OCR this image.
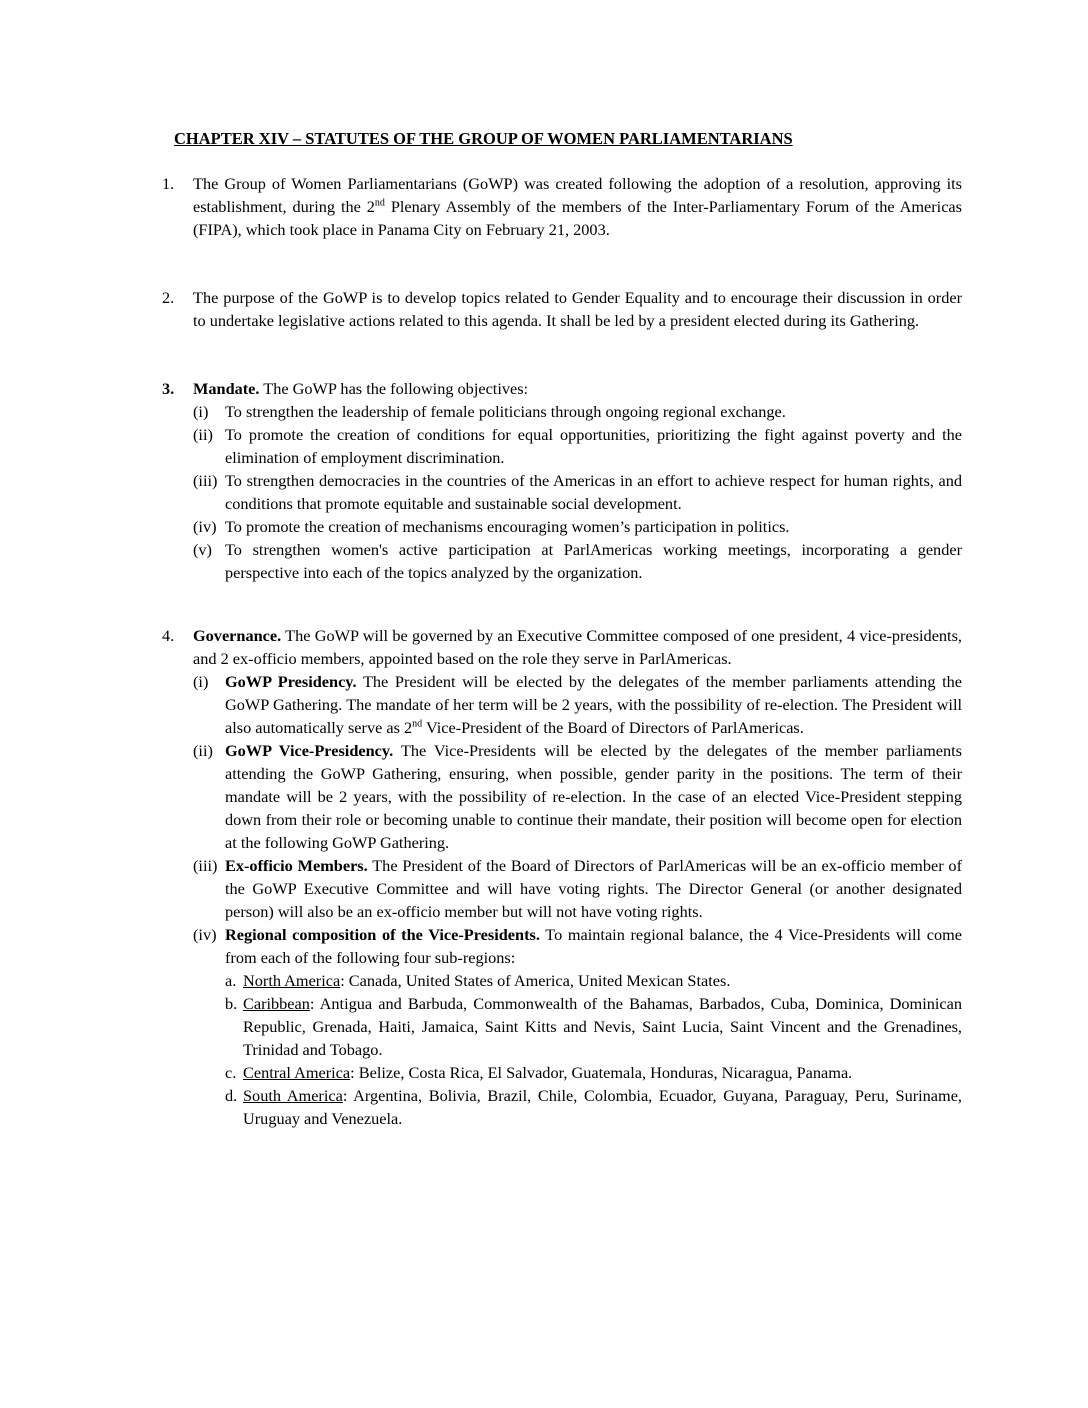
CHAPTER XIV – STATUTES OF THE GROUP OF WOMEN PARLIAMENTARIANS
1.	The Group of Women Parliamentarians (GoWP) was created following the adoption of a resolution, approving its establishment, during the 2nd Plenary Assembly of the members of the Inter-Parliamentary Forum of the Americas (FIPA), which took place in Panama City on February 21, 2003.
2.	The purpose of the GoWP is to develop topics related to Gender Equality and to encourage their discussion in order to undertake legislative actions related to this agenda. It shall be led by a president elected during its Gathering.
3.	Mandate. The GoWP has the following objectives:
(i) To strengthen the leadership of female politicians through ongoing regional exchange.
(ii) To promote the creation of conditions for equal opportunities, prioritizing the fight against poverty and the elimination of employment discrimination.
(iii) To strengthen democracies in the countries of the Americas in an effort to achieve respect for human rights, and conditions that promote equitable and sustainable social development.
(iv) To promote the creation of mechanisms encouraging women’s participation in politics.
(v) To strengthen women's active participation at ParlAmericas working meetings, incorporating a gender perspective into each of the topics analyzed by the organization.
4.	Governance. The GoWP will be governed by an Executive Committee composed of one president, 4 vice-presidents, and 2 ex-officio members, appointed based on the role they serve in ParlAmericas.
(i) GoWP Presidency. The President will be elected by the delegates of the member parliaments attending the GoWP Gathering. The mandate of her term will be 2 years, with the possibility of re-election. The President will also automatically serve as 2nd Vice-President of the Board of Directors of ParlAmericas.
(ii) GoWP Vice-Presidency. The Vice-Presidents will be elected by the delegates of the member parliaments attending the GoWP Gathering, ensuring, when possible, gender parity in the positions. The term of their mandate will be 2 years, with the possibility of re-election. In the case of an elected Vice-President stepping down from their role or becoming unable to continue their mandate, their position will become open for election at the following GoWP Gathering.
(iii) Ex-officio Members. The President of the Board of Directors of ParlAmericas will be an ex-officio member of the GoWP Executive Committee and will have voting rights. The Director General (or another designated person) will also be an ex-officio member but will not have voting rights.
(iv) Regional composition of the Vice-Presidents. To maintain regional balance, the 4 Vice-Presidents will come from each of the following four sub-regions:
a. North America: Canada, United States of America, United Mexican States.
b. Caribbean: Antigua and Barbuda, Commonwealth of the Bahamas, Barbados, Cuba, Dominica, Dominican Republic, Grenada, Haiti, Jamaica, Saint Kitts and Nevis, Saint Lucia, Saint Vincent and the Grenadines, Trinidad and Tobago.
c. Central America: Belize, Costa Rica, El Salvador, Guatemala, Honduras, Nicaragua, Panama.
d. South America: Argentina, Bolivia, Brazil, Chile, Colombia, Ecuador, Guyana, Paraguay, Peru, Suriname, Uruguay and Venezuela.
